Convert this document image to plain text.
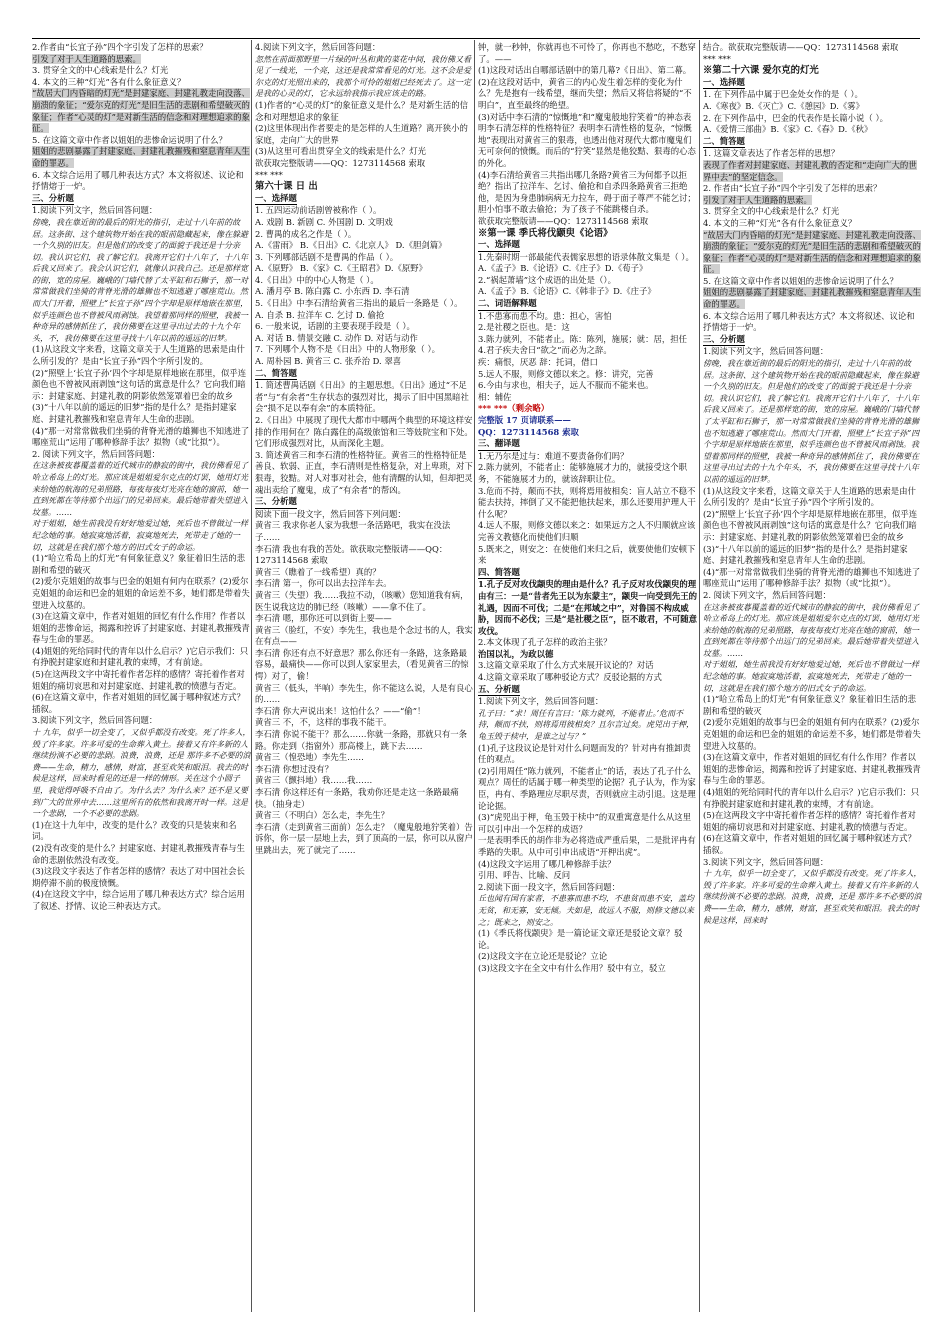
2.作者由“长宜子孙”四个字引发了怎样的思索？

引发了对于人生道路的思索。

3. 贯穿全文的中心线索是什么？灯光

4. 本文的三种“灯光”各有什么象征意义？

“故居大门内昏暗的灯光”是封建家庭、封建礼教走向没落、崩溃的象征；“爱尔克的灯光”是旧生活的悲剧和希望破灭的象征；作者“心灵的灯”是对新生活的信念和对理想追求的象征。

5. 在这篇文章中作者以姐姐的悲惨命运说明了什么？

姐姐的悲剧暴露了封建家庭、封建礼教摧残和窒息青年人生命的罪恶。

6. 本文综合运用了哪几种表达方式？本文将叙述、议论和抒情熔于一炉。

三、分析题

1.阅读下列文字，然后回答问题：

傍晚，我在靠近街的最后的阳光的指引，走过十八年前的故居。这条街、这个建筑物开始在我的眼前隐藏起来，像在躲避一个久别的旧友。但是他们的改变了的面貌于我还是十分亲切。我认识它们，我了解它们。我离开它们十八年了，十八年后我又回来了。我会认识它们，就像认识我自己。还是那样宽的街，宽的房屋。巍峨的门墙代替了太平缸和石狮子，那一对常常做我们坐骑的背脊光滑的雄狮也不知逃避了哪座荒山。然而大门开着，照壁上“长宜子孙”四个字却是原样地嵌在那里，似乎连颜色也不曾被风雨剥蚀。我望着那同样的照壁，我被一种奇异的感情抓住了，我仿佛要在这里寻出过去的十九个年头，不，我仿佛要在这里寻找十八年以前的遥远的旧梦。

(1)从这段文字来看，这篇文章关于人生道路的思索是由什么所引发的？是由“长宜子孙”四个字所引发的。

(2)“照壁上‘长宜子孙’四个字却是原样地嵌在那里，似乎连颜色也不曾被风雨剥蚀”这句话的寓意是什么？它向我们暗示：封建家庭、封建礼教的阴影依然笼罩着巴金的故乡

(3)“十八年以前的遥远的旧梦”指的是什么？是指封建家庭、封建礼教摧残和窒息青年人生命的悲剧。

(4)“那一对常常做我们坐骑的背脊光滑的雄狮也不知逃进了哪座荒山”运用了哪种修辞手法？拟物（或“比拟”）。

2. 阅读下列文字，然后回答问题：

在这条被夜暮覆盖着的近代城市的静寂的街中，我仿佛看见了哈立希岛上的灯光。那应该是姐姐爱尔克点的灯罢，她用灯光来给她的航海的兄弟照路，每夜每夜灯光亮在她的窗前，她一直到死都在等待那个出远门的兄弟回来。最后她带着失望进入坟墓。……

对于姐姐，她生前我没有好好地爱过她，死后也不曾做过一样纪念她的事。她寂寞地活着，寂寞地死去，死带走了她的一切，这就是在我们那个地方的旧式女子的命运。

(1)“哈立希岛上的灯光”有何象征意义？象征着旧生活的悲剧和希望的破灭

(2)爱尔克姐姐的故事与巴金的姐姐有何内在联系？(2)爱尔克姐姐的命运和巴金的姐姐的命运差不多，她们都是带着失望进入坟墓的。

(3)在这篇文章中，作者对姐姐的回忆有什么作用？作者以姐姐的悲惨命运，揭露和控诉了封建家庭、封建礼教摧残青春与生命的罪恶。

(4)姐姐的死给同时代的青年以什么启示？)它启示我们：只有挣脱封建家庭和封建礼教的束缚，才有前途。

(5)在这两段文字中寄托着作者怎样的感情？寄托着作者对姐姐的痛切哀思和对封建家庭、封建礼教的愤懑与否定。

(6)在这篇文章中，作者对姐姐的回忆属于哪种叙述方式？插叙。

3.阅读下列文字，然后回答问题：

十 九年，似乎一切全变了，又似乎都没有改变。死了许多人，毁了许多家。许多可爱的生命葬入黄土。接着又有许多新的人继续扮演不必要的悲剧。浪费，浪费，还是 那许多不必要的浪费——生命，精力，感情，财富，甚至欢笑和眼泪。我去的时候是这样，回来时看见的还是一样的情形。关在这个小圆子里，我觉得呼吸不自由了。为什么去？为什么来？还不是又要到广大的世界中去……这里所有的依然和我离开时一样。这是一个悲剧，一个不必要的悲剧。

(1)在这十九年中，改变的是什么？改变的只是装束和名词。

(2)没有改变的是什么？封建家庭、封建礼教摧残青春与生命的悲剧依然没有改变。

(3)这段文字表达了作者怎样的感情？表达了对中国社会长期停滞不前的极度愤慨。

(4)在这段文字中，综合运用了哪几种表达方式？综合运用了叙述、抒情、议论三种表达方式。

4.阅读下列文字，然后回答问题：

忽然在前面那野里一片绿的叶丛和黄的菜花中间，我仿佛又看见了一线光，一个亮，这还是我常常看见的灯光。这不会是爱尔克的灯光照出来的，我那个可怜的姐姐已经死去了。这一定是我的心灵的灯，它永远给我指示我应该走的路。

(1)作者的“心灵的灯”的象征意义是什么？是对新生活的信念和对理想追求的象征

(2)这里体现出作者要走的是怎样的人生道路？离开狭小的家庭，走向广大的世界

(3)从这里可看出贯穿全文的线索是什么？灯光

欲获取完整版请——QQ：1273114568 索取

*** ***

第六十课 日 出

一、选择题

1. 五四运动前话剧曾被称作（ ）。

A. 戏剧 B. 新剧 C. 外国剧 D. 文明戏

2. 曹禺的成名之作是（ ）。

A.《雷雨》 B.《日出》C.《北京人》 D.《胆剑篇》

3. 下列哪部话剧不是曹禺的作品（ ）。

A.《原野》 B.《家》C.《王昭君》D.《原野》

4.《日出》中的中心人物是（ ）。

A. 潘月亭 B. 陈白露 C. 小东西 D. 李石清

5.《日出》中李石清给黄省三指出的最后一条路是（ ）。

A. 自杀 B. 拉洋车 C. 乞讨 D. 偷抢

6. 一般来说，话剧的主要表现手段是（ ）。

A. 对话 B. 情景交融 C. 动作 D. 对话与动作

7. 下列哪个人物不是《日出》中的人物形象（ ）。

A. 周朴园 B. 黄省三 C. 张乔治 D. 翠喜

二、简答题

1. 简述曹禺话剧《日出》的主题思想。《日出》通过“不足者”与“有余者”生存状态的强烈对比，揭示了旧中国黑暗社会“损不足以奉有余”的本质特征。

2.《日出》中展现了现代大都市中哪两个典型的环境这样安排的作用何在？陈白露住的高级旅馆和三等妓院宝和下处。它们形成强烈对比，从而深化主题。

3. 简述黄省三和李石清的性格特征。黄省三的性格特征是善良、软弱、正直，李石清则是性格复杂，对上卑琐，对下狠毒，狡黠。对人对事对社会，他有清醒的认知，但却把灵魂出卖给了魔鬼，成了“有余者”的帮凶。

三、分析题

阅读下面一段文字，然后回答下列问题：

黄省三 我求你老人家为我想一条活路吧，我实在没法子……

李石清 我也有我的苦处。欲获取完整版请——QQ：1273114568 索取

黄省三（瞧着了一线希望）真的？

李石清 第一，你可以出去拉洋车去。

黄省三（失望）我……我拉不动，（咳嗽）您知道我有病，医生说我这边的肺已经（咳嗽）——拿不住了。

李石清 嗯，那你还可以到街上要——

黄省三（脸红，不安）李先生，我也是个念过书的人，我实在有点——

李石清 你还有点不好意思？那么你还有一条路，这条路最容易，最痛快——你可以到人家家里去，（看见黄省三的惊愕）对了，偷！

黄省三（低头，半响）李先生，你不能这么说，人是有良心的……

李石清 你大声说出来！这怕什么？——“偷”！

黄省三 不，不，这样的事我不能干。

李石清 你说不能干？那么……你就一条路，那就只有一条路。你走到（指窗外）那高楼上，跳下去……

黄省三（惶恐地）李先生……

李石清 你想过没有？

黄省三（颤抖地）我……我……

李石清 你这样还有一条路，我劝你还是走这一条路最痛快。（抽身走）

黄省三（不明白）怎么走，李先生？

李石清（走到黄省三面前）怎么走？（魔鬼般地狞笑着）告诉你，你一层一层地上去，到了顶高的一层，你可以从窗户里跳出去，死了就完了……

钟，就一秒钟，你就再也不可怜了，你再也不愁吃，不愁穿了。——

(1)这段对话出自哪部话剧中的第几幕?《日出》、第二幕。

(2)在这段对话中，黄省三的内心发生着怎样的变化为什么？先是抱有一线希望，继而失望；然后又将信将疑的“不明白”，直至最终的绝望。

(3)对话中李石清的“惊慨地”和“魔鬼般地狞笑着”的神态表明李石清怎样的性格特征？表明李石清性格的复杂，“惊慨地”表现出对黄省三的狠毒，也透出他对现代大都市魔鬼们无可奈何的愤慨。而后的“狞笑”显然是他狡黠、狠毒的心态的外化。

(4)李石清给黄省三共指出哪几条路?黄省三为何都予以拒绝？指出了拉洋车、乞讨、偷抢和自杀四条路黄省三拒绝他，是因为身患肺病病无力拉车，碍于面子尊严不能乞讨；胆小怕事不敢去偷抢；为了孩子不能跳楼自杀。

欲获取完整版请——QQ：1273114568 索取

※第一课 季氏将伐颛臾《论语》

一、选择题

1.先秦时期一部最能代表儒家思想的语录体散文集是（ ）。A.《孟子》B.《论语》C.《庄子》D.《荀子》

2.“祸起萧墙”这个成语的出处是（）。

A.《孟子》B.《论语》C.《韩非子》D.《庄子》

二、词语解释题

1.不患寡而患不均。患：担心，害怕

2.是社稷之臣也。是：这

3.陈力就列，不能者止。陈：陈列，施展；就：居，担任

4.君子疾夫舍曰“欲之”而必为之辞。

疾：痛恨，厌恶 辞：托词，借口

5.远人不服，则修文德以来之。修：讲究，完善

6.今由与求也，相夫子，远人不服而不能来也。

相：辅佐

*** ***（剩余略）

完整版 17 页请联系——

QQ：1273114568 索取

三、翻译题

1.无乃尔是过与：难道不要责备你们吗？

2.陈力就列，不能者止：能够施展才力的，就接受这个职务，不能施展才力的，就该辞职让位。

3.危而不持，颠而不扶，则将焉用彼相矣：盲人站立不稳不能去扶持，摔倒了又不能把他扶起来，那么还要用护理人干什么呢？

4.远人不服，则修文德以来之：如果远方之人不归顺就应该完善文教德化而使他们归顺

5.既来之，则安之：在使他们来归之后，就要使他们安顿下来

四、简答题

1.孔子反对攻伐颛臾的理由是什么？孔子反对攻伐颛臾的理由有三：一是“昔者先王以为东蒙主”，颛臾一向受到先王的礼遇，因而不可伐；二是“在邦域之中”，对鲁国不构成威胁，因而不必伐；三是“是社稷之臣”，臣不敢君，不可随意攻伐。

2.本文体现了孔子怎样的政治主张？

治国以礼，为政以德

3.这篇文章采取了什么方式来展开议论的？对话

4.这篇文章采取了哪种驳论方式？反驳论据的方式

五、分析题

1.阅读下列文字，然后回答问题：

孔子曰：“求！周任有言曰：‘陈力就列，不能者止。’危而不持，颠而不扶，则将焉用彼相矣？且尔言过矣。虎兕出于柙，龟玉毁于椟中，是谁之过与？”

(1)孔子这段议论是针对什么问题而发的？针对冉有推卸责任的观点。

(2)引用周任“陈力就列，不能者止”的话，表达了孔子什么观点？周任的话属于哪一种类型的论据？孔子认为，作为家臣，冉有、季路理应尽职尽责，否则就应主动引退。这是理论论据。

(3)“虎兕出于柙，龟玉毁于椟中”的双重寓意是什么从这里可以引申出一个怎样的成语？

一是表明季氏的胡作非为必将造成严重后果，二是批评冉有季路的失职。从中可引申出成语“开柙出虎”。

(4)这段文字运用了哪几种修辞手法？

引用、呼告、比喻、反问

2.阅读下面一段文字，然后回答问题：

丘也闻有国有家者，不患寡而患不均，不患贫而患不安，盖均无贫，和无寡，安无倾。夫如是，故远人不服，则修文德以来之；既来之，则安之。

(1)《季氏将伐颛臾》是一篇论证文章还是驳论文章？驳论。

(2)这段文字在立论还是驳论？立论

(3)这段文字在全文中有什么作用？驳中有立，驳立

结合。欲获取完整版请——QQ：1273114568 索取

*** ***

※第二十六课 爱尔克的灯光

一、选择题

1. 在下列作品中属于巴金处女作的是（ ）。

A.《寒夜》B.《灭亡》C.《憩园》D.《雾》

2. 在下列作品中，巴金的代表作是长篇小说（ ）。

A.《爱情三部曲》B.《家》C.《春》D.《秋》

二、简答题

1. 这篇文章表达了作者怎样的思想？

表现了作者对封建家庭、封建礼教的否定和“走向广大的世界中去”的坚定信念。

2. 作者由“长宜子孙”四个字引发了怎样的思索？

引发了对于人生道路的思索。

3. 贯穿全文的中心线索是什么？灯光

4. 本文的三种“灯光”各有什么象征意义？

“故居大门内昏暗的灯光”是封建家庭、封建礼教走向没落、崩溃的象征；“爱尔克的灯光”是旧生活的悲剧和希望破灭的象征；作者“心灵的灯”是对新生活的信念和对理想追求的象征。

5. 在这篇文章中作者以姐姐的悲惨命运说明了什么？

姐姐的悲剧暴露了封建家庭、封建礼教摧残和窒息青年人生命的罪恶。

6. 本文综合运用了哪几种表达方式？本文将叙述、议论和抒情熔于一炉。

三、分析题

1.阅读下列文字，然后回答问题：

傍晚，我在靠近街的最后的阳光的指引，走过十八年前的故居。这条街、这个建筑物开始在我的眼前隐藏起来，像在躲避一个久别的旧友。但是他们的改变了的面貌于我还是十分亲切。我认识它们，我了解它们。我离开它们十八年了，十八年后我又回来了。还是那样宽的街，宽的房屋。巍峨的门墙代替了太平缸和石狮子，那一对常常做我们坐骑的背脊光滑的雄狮也不知逃避了哪座荒山。然而大门开着，照壁上“长宜子孙”四个字却是原样地嵌在那里，似乎连颜色也不曾被风雨剥蚀。我望着那同样的照壁，我被一种奇异的感情抓住了，我仿佛要在这里寻出过去的十九个年头，不，我仿佛要在这里寻找十八年以前的遥远的旧梦。

(1)从这段文字来看，这篇文章关于人生道路的思索是由什么所引发的？是由“长宜子孙”四个字所引发的。

(2)“照壁上‘长宜子孙’四个字却是原样地嵌在那里，似乎连颜色也不曾被风雨剥蚀”这句话的寓意是什么？它向我们暗示：封建家庭、封建礼教的阴影依然笼罩着巴金的故乡

(3)“十八年以前的遥远的旧梦”指的是什么？是指封建家庭、封建礼教摧残和窒息青年人生命的悲剧。

(4)“那一对常常做我们坐骑的背脊光滑的雄狮也不知逃进了哪座荒山”运用了哪种修辞手法？拟物（或“比拟”）。

2. 阅读下列文字，然后回答问题：

在这条被夜暮覆盖着的近代城市的静寂的街中，我仿佛看见了哈立希岛上的灯光。那应该是姐姐爱尔克点的灯罢，她用灯光来给她的航海的兄弟照路，每夜每夜灯光亮在她的窗前，她一直到死都在等待那个出远门的兄弟回来。最后她带着失望进入坟墓。……

对于姐姐，她生前我没有好好地爱过她，死后也不曾做过一样纪念她的事。她寂寞地活着，寂寞地死去，死带走了她的一切，这就是在我们那个地方的旧式女子的命运。

(1)“哈立希岛上的灯光”有何象征意义？象征着旧生活的悲剧和希望的破灭

(2)爱尔克姐姐的故事与巴金的姐姐有何内在联系？(2)爱尔克姐姐的命运和巴金的姐姐的命运差不多，她们都是带着失望进入坟墓的。

(3)在这篇文章中，作者对姐姐的回忆有什么作用？作者以姐姐的悲惨命运，揭露和控诉了封建家庭、封建礼教摧残青春与生命的罪恶。

(4)姐姐的死给同时代的青年以什么启示？)它启示我们：只有挣脱封建家庭和封建礼教的束缚，才有前途。

(5)在这两段文字中寄托着作者怎样的感情？寄托着作者对姐姐的痛切哀思和对封建家庭、封建礼教的愤懑与否定。

(6)在这篇文章中，作者对姐姐的回忆属于哪种叙述方式？插叙。

3.阅读下列文字，然后回答问题：

十 九年，似乎一切全变了，又似乎都没有改变。死了许多人，毁了许多家。许多可爱的生命葬入黄土。接着又有许多新的人继续扮演不必要的悲剧。浪费，浪费，还是 那许多不必要的浪费——生命，精力，感情，财富，甚至欢笑和眼泪。我去的时候是这样，回来时
